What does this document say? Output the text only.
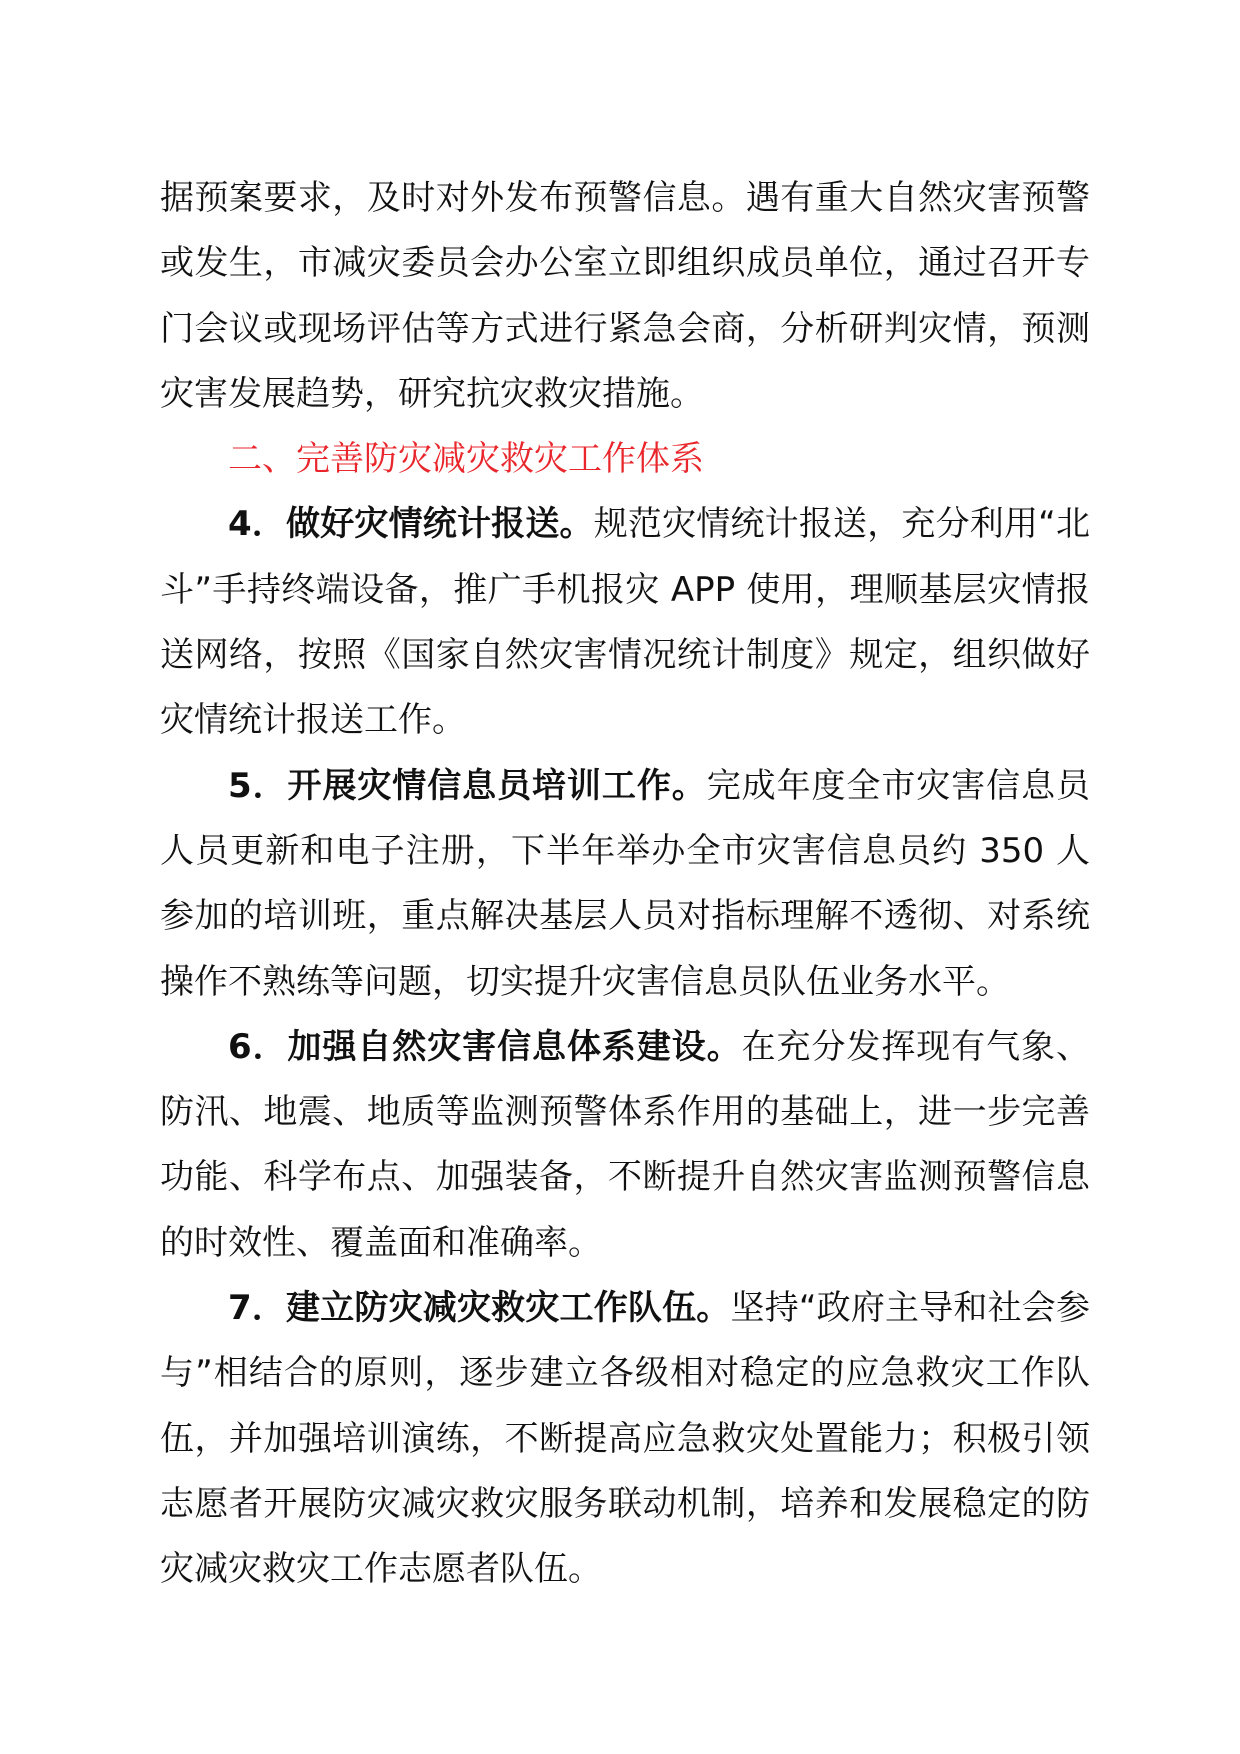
据预案要求，及时对外发布预警信息。遇有重大自然灾害预警或发生，市减灾委员会办公室立即组织成员单位，通过召开专门会议或现场评估等方式进行紧急会商，分析研判灾情，预测灾害发展趋势，研究抗灾救灾措施。

二、完善防灾减灾救灾工作体系

4．做好灾情统计报送。规范灾情统计报送，充分利用“北斗”手持终端设备，推广手机报灾 APP 使用，理顺基层灾情报送网络，按照《国家自然灾害情况统计制度》规定，组织做好灾情统计报送工作。

5．开展灾情信息员培训工作。完成年度全市灾害信息员人员更新和电子注册，下半年举办全市灾害信息员约 350 人参加的培训班，重点解决基层人员对指标理解不透彻、对系统操作不熟练等问题，切实提升灾害信息员队伍业务水平。

6．加强自然灾害信息体系建设。在充分发挥现有气象、防汛、地震、地质等监测预警体系作用的基础上，进一步完善功能、科学布点、加强装备，不断提升自然灾害监测预警信息的时效性、覆盖面和准确率。

7．建立防灾减灾救灾工作队伍。坚持“政府主导和社会参与”相结合的原则，逐步建立各级相对稳定的应急救灾工作队伍，并加强培训演练，不断提高应急救灾处置能力；积极引领志愿者开展防灾减灾救灾服务联动机制，培养和发展稳定的防灾减灾救灾工作志愿者队伍。
